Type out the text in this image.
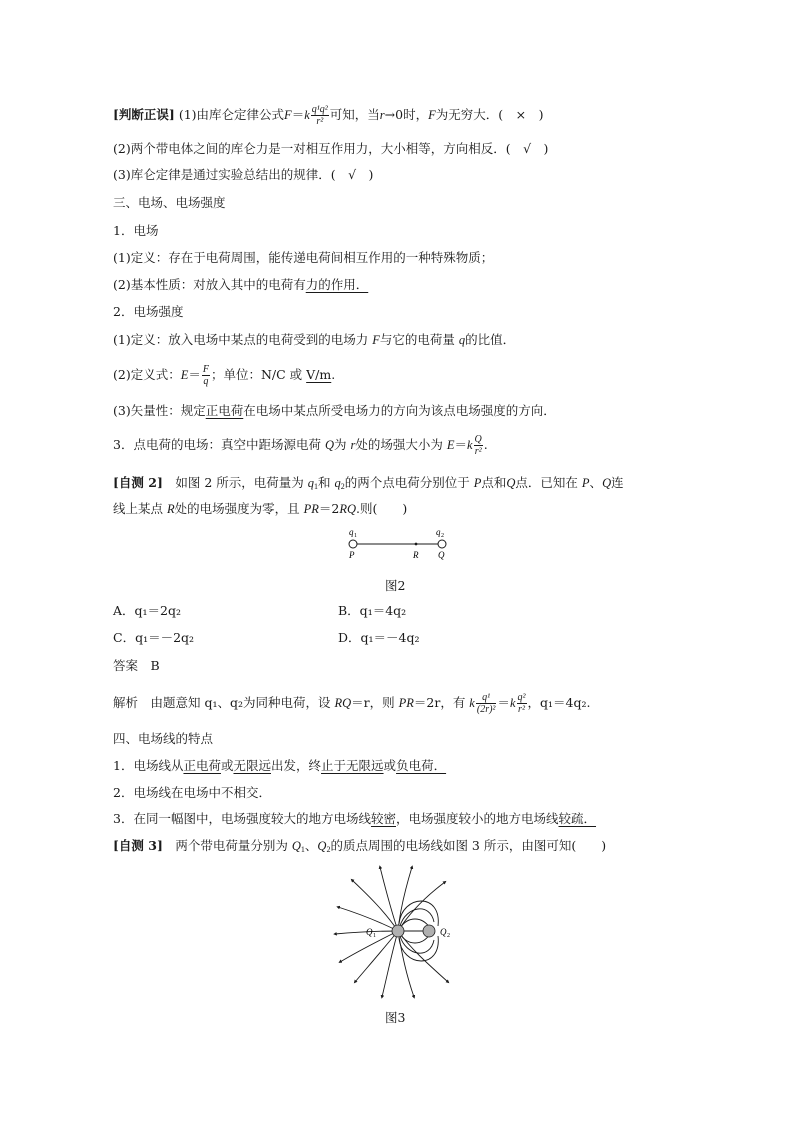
[判断正误] (1)由库仑定律公式$F=k \frac{\text{q¹q²}}{\text{r²}}$ 可知，当r→0时，F为无穷大．(　×　)
(2)两个带电体之间的库仑力是一对相互作用力，大小相等，方向相反．(　√　)
(3)库仑定律是通过实验总结出的规律．(　√　)
三、电场、电场强度
1．电场
(1)定义：存在于电荷周围，能传递电荷间相互作用的一种特殊物质；
(2)基本性质：对放入其中的电荷有力的作用．
2．电场强度
(1)定义：放入电场中某点的电荷受到的电场力 F与它的电荷量 q的比值．
(2)定义式：$E= \frac{F}{q}$ ；单位：N/C 或 V/m.
(3)矢量性：规定正电荷在电场中某点所受电场力的方向为该点电场强度的方向．
3．点电荷的电场：真空中距场源电荷 Q为 r处的场强大小为 $E=k \frac{Q}{\text{r²}}$ .
[自测 2]　如图 2 所示，电荷量为 $q_1$和 $q_2$的两个点电荷分别位于 P点和Q点．已知在 P、Q连
线上某点 R处的电场强度为零，且 PR＝2RQ.则(　　)
q 1	q 2
P	R Q
图2
A．q₁＝2q₂	B．q₁＝4q₂
C．q₁＝－2q₂	D．q₁＝－4q₂
答案　B
解析　由题意知 q₁、q₂为同种电荷，设 RQ＝r，则 PR＝2r，有 k $\frac{\text{q¹}}{\text{(2r)²}} =k \frac{\text{q²}}{\text{r²}}$ ，q₁＝4q₂.
四、电场线的特点
1．电场线从正电荷或无限远出发，终止于无限远或负电荷．
2．电场线在电场中不相交．
3．在同一幅图中，电场强度较大的地方电场线较密，电场强度较小的地方电场线较疏．
[自测 3]　两个带电荷量分别为 $Q_1$、$Q_2$的质点周围的电场线如图 3 所示，由图可知(　　)
Q 1	Q 2
图3
